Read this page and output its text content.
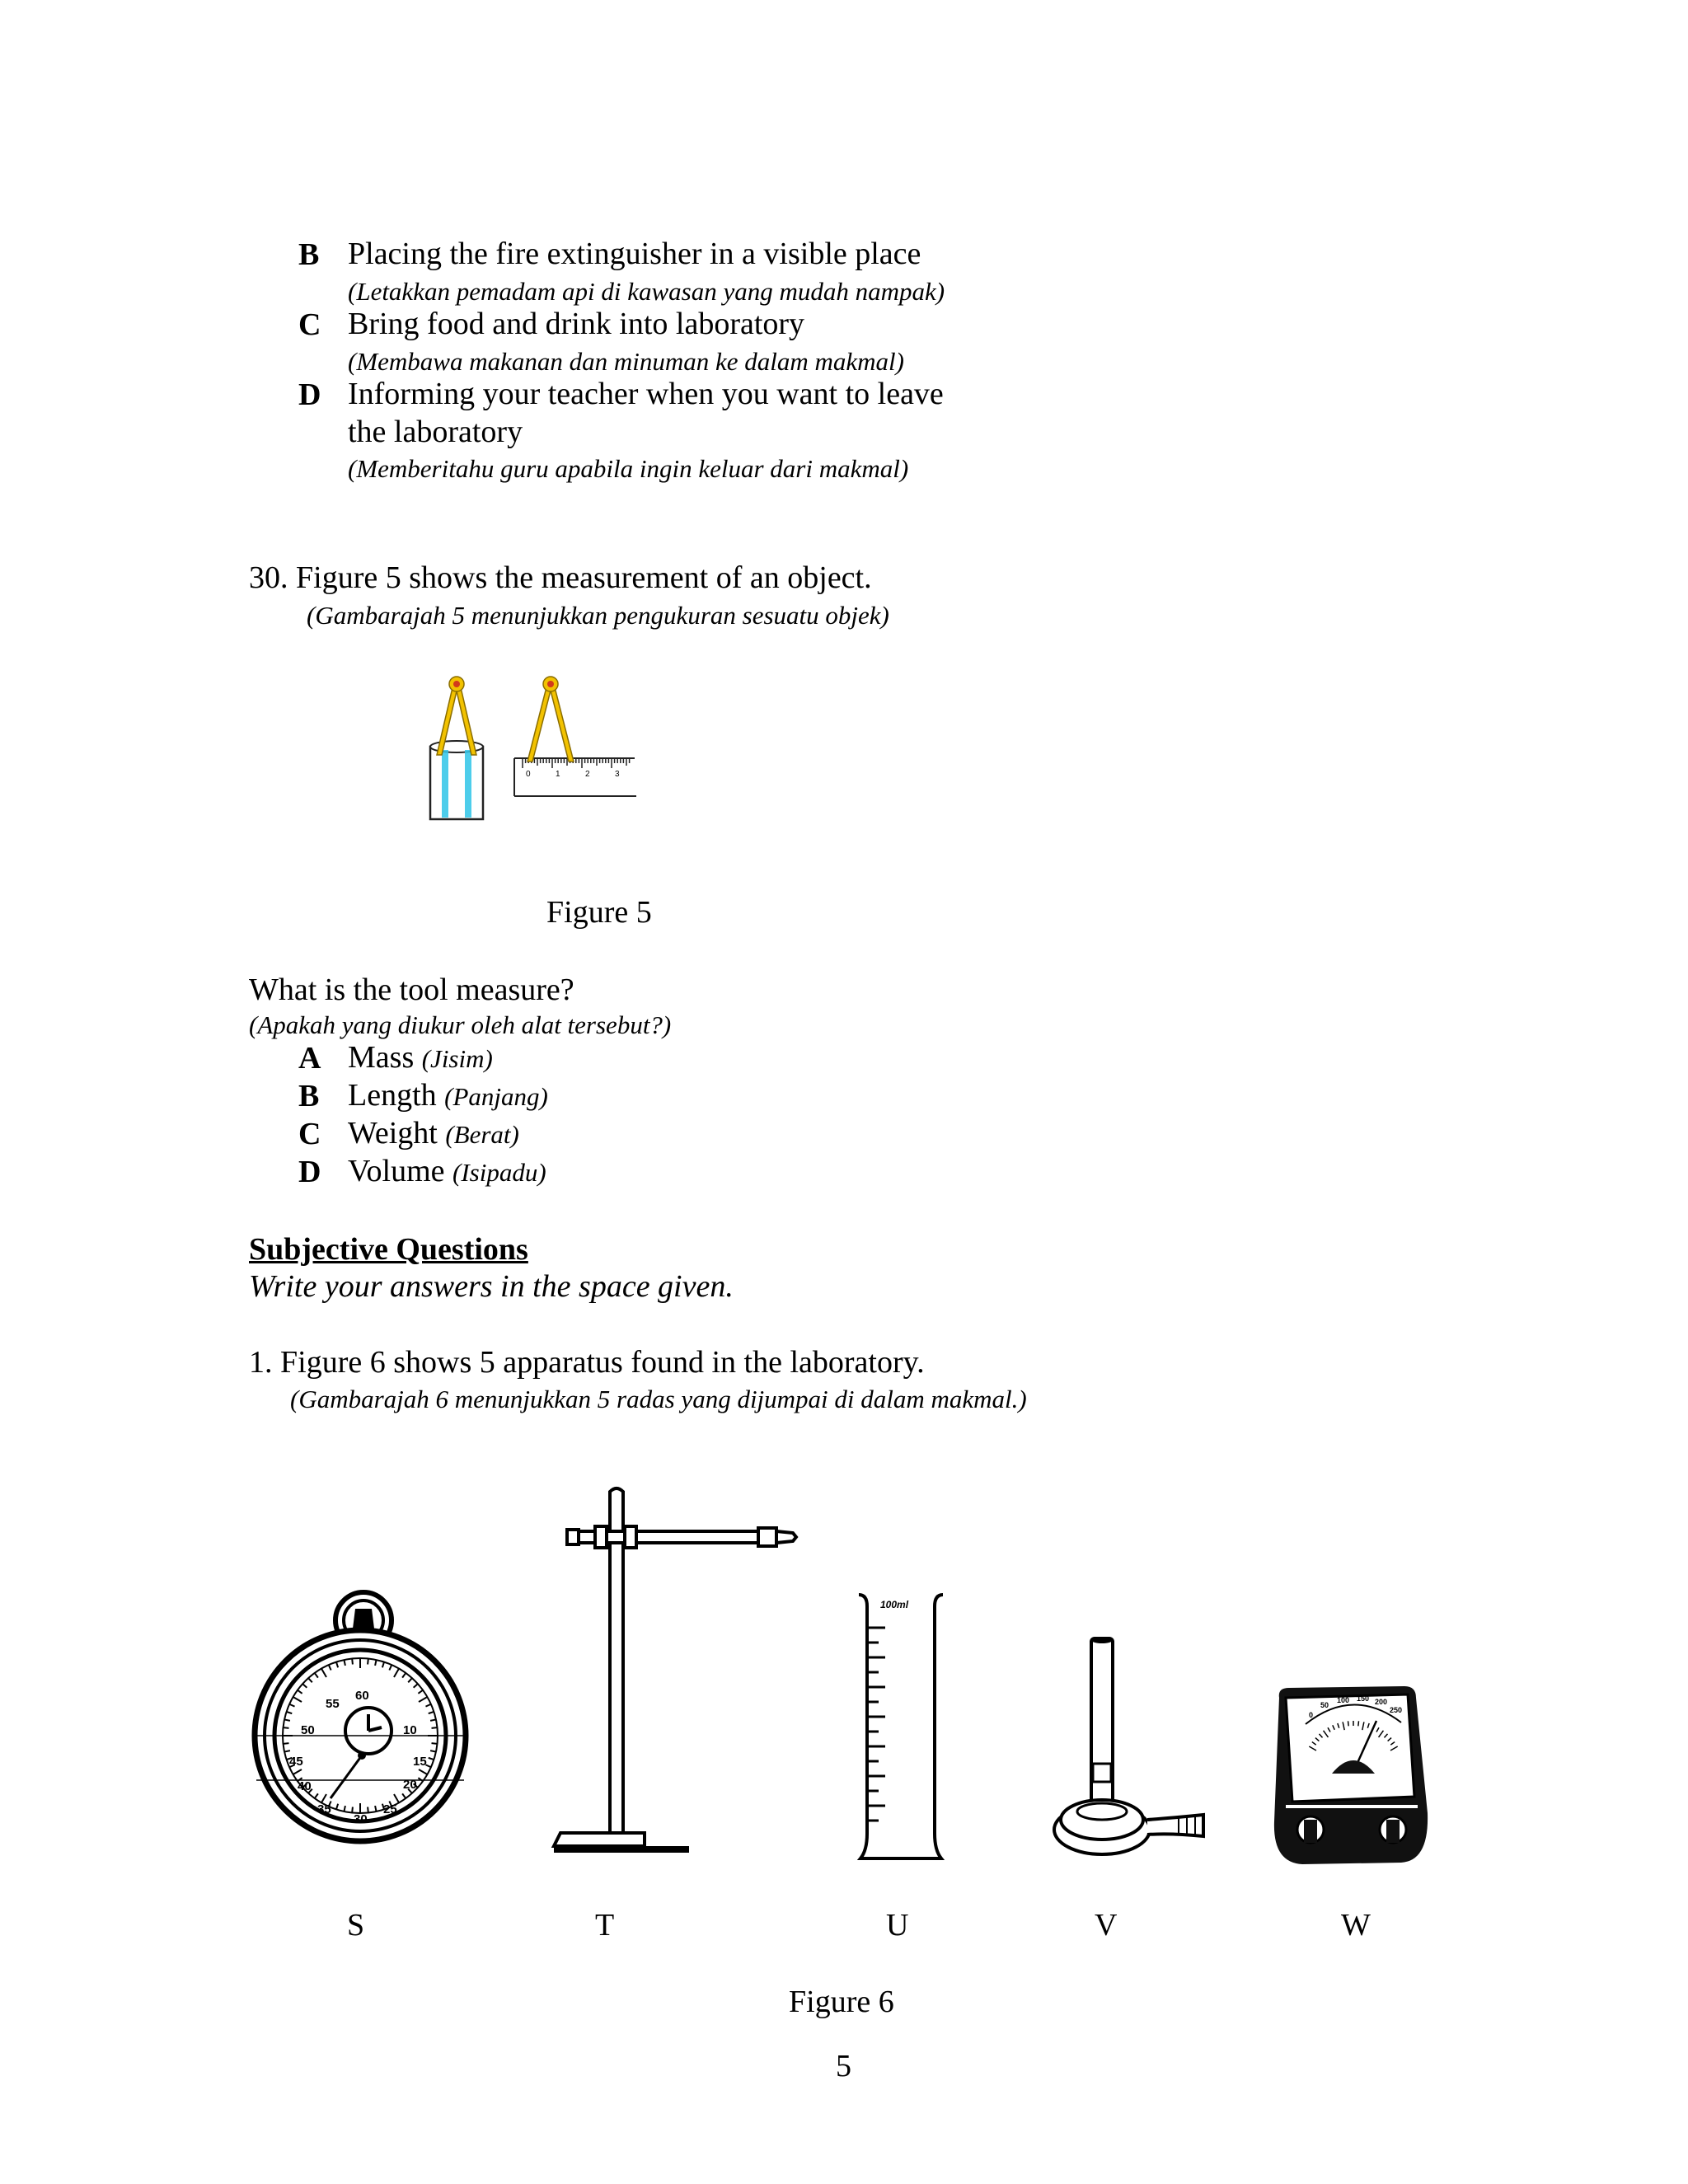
B Placing the fire extinguisher in a visible place
(Letakkan pemadam api di kawasan yang mudah nampak)
C Bring food and drink into laboratory
(Membawa makanan dan minuman ke dalam makmal)
D Informing your teacher when you want to leave
the laboratory
(Memberitahu guru apabila ingin keluar dari makmal)
30. Figure 5 shows the measurement of an object.
(Gambarajah 5 menunjukkan pengukuran sesuatu objek)
0	1	2	3
Figure 5
What is the tool measure?
(Apakah yang diukur oleh alat tersebut?)
A Mass (Jisim)
B Length (Panjang)
C Weight (Berat)
D Volume (Isipadu)
Subjective Questions
Write your answers in the space given.
1. Figure 6 shows 5 apparatus found in the laboratory.
(Gambarajah 6 menunjukkan 5 radas yang dijumpai di dalam makmal.)
60
55
50
45
40
35
30
25
20
15
10
100ml
0
50
100 150 200
250
S	T	U	V	W
Figure 6
5
